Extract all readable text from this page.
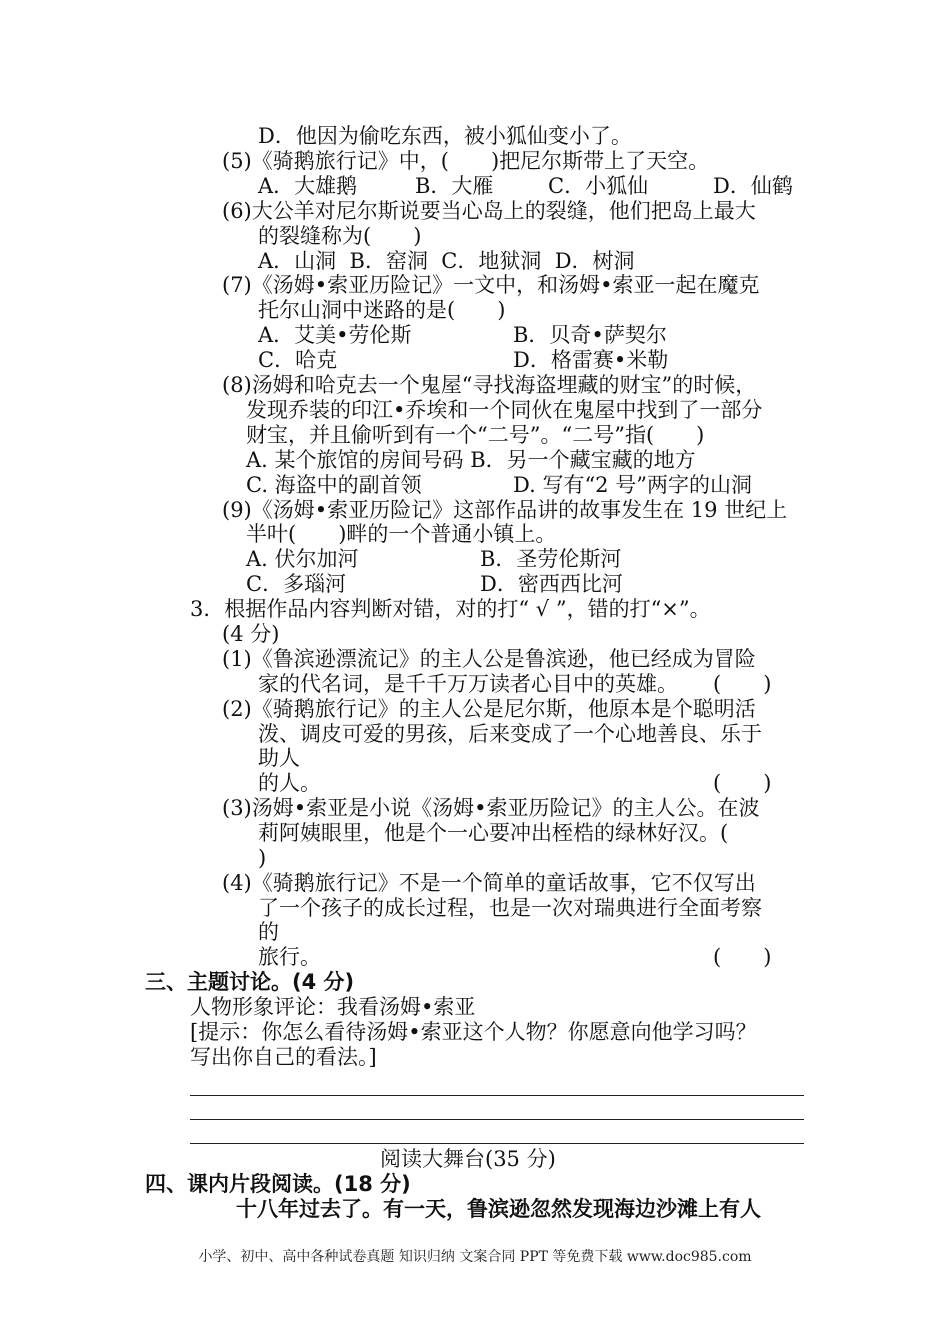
D．他因为偷吃东西，被小狐仙变小了。
(5)《骑鹅旅行记》中，(　　)把尼尔斯带上了天空。
A．大雄鹅	B．大雁	C．小狐仙	D．仙鹤
(6)大公羊对尼尔斯说要当心岛上的裂缝，他们把岛上最大
的裂缝称为(　　)
A．山洞  B．窑洞  C．地狱洞  D．树洞
(7)《汤姆•索亚历险记》一文中，和汤姆•索亚一起在魔克
托尔山洞中迷路的是(　　)
A．艾美•劳伦斯	B．贝奇•萨契尔
C．哈克	D．格雷赛•米勒
(8)汤姆和哈克去一个鬼屋“寻找海盗埋藏的财宝”的时候，
发现乔装的印江•乔埃和一个同伙在鬼屋中找到了一部分
财宝，并且偷听到有一个“二号”。“二号”指(　　)
A. 某个旅馆的房间号码 B．另一个藏宝藏的地方
C. 海盗中的副首领	D. 写有“2 号”两字的山洞
(9)《汤姆•索亚历险记》这部作品讲的故事发生在 19 世纪上
半叶(　　)畔的一个普通小镇上。
A. 伏尔加河	B．圣劳伦斯河
C．多瑙河	D．密西西比河
3．根据作品内容判断对错，对的打“ √ ”，错的打“×”。
(4 分)
(1)《鲁滨逊漂流记》的主人公是鲁滨逊，他已经成为冒险
家的代名词，是千千万万读者心目中的英雄。 (　　)
(2)《骑鹅旅行记》的主人公是尼尔斯，他原本是个聪明活
泼、调皮可爱的男孩，后来变成了一个心地善良、乐于
助人
的人。	(　　)
(3)汤姆•索亚是小说《汤姆•索亚历险记》的主人公。在波
莉阿姨眼里，他是个一心要冲出桎梏的绿林好汉。(
)
(4)《骑鹅旅行记》不是一个简单的童话故事，它不仅写出
了一个孩子的成长过程，也是一次对瑞典进行全面考察
的
旅行。	(　　)
三、主题讨论。(4 分)
人物形象评论：我看汤姆•索亚
[提示：你怎么看待汤姆•索亚这个人物？你愿意向他学习吗？
写出你自己的看法。]
阅读大舞台(35 分)
四、课内片段阅读。(18 分)
十八年过去了。有一天，鲁滨逊忽然发现海边沙滩上有人
小学、初中、高中各种试卷真题 知识归纳 文案合同 PPT 等免费下载 www.doc985.com
